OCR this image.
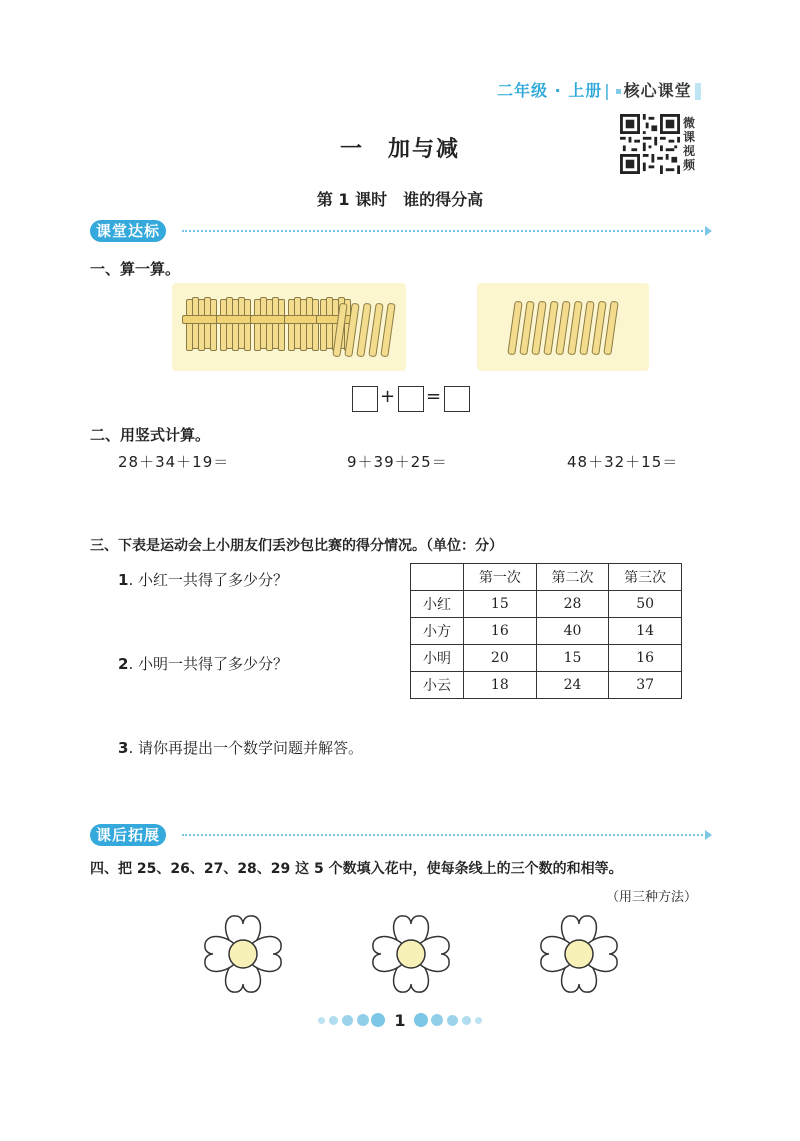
二年级 · 上册 | 核心课堂
微课视频
一　加与减
第 1 课时　谁的得分高
课堂达标
一、算一算。
+ =
二、用竖式计算。
28＋34＋19＝	9＋39＋25＝	48＋32＋15＝
三、下表是运动会上小朋友们丢沙包比赛的得分情况。（单位：分）
1. 小红一共得了多少分？
2. 小明一共得了多少分？
3. 请你再提出一个数学问题并解答。
	第一次	第二次	第三次
小红	15	28	50
小方	16	40	14
小明	20	15	16
小云	18	24	37
课后拓展
四、把 25、26、27、28、29 这 5 个数填入花中，使每条线上的三个数的和相等。
（用三种方法）
1
